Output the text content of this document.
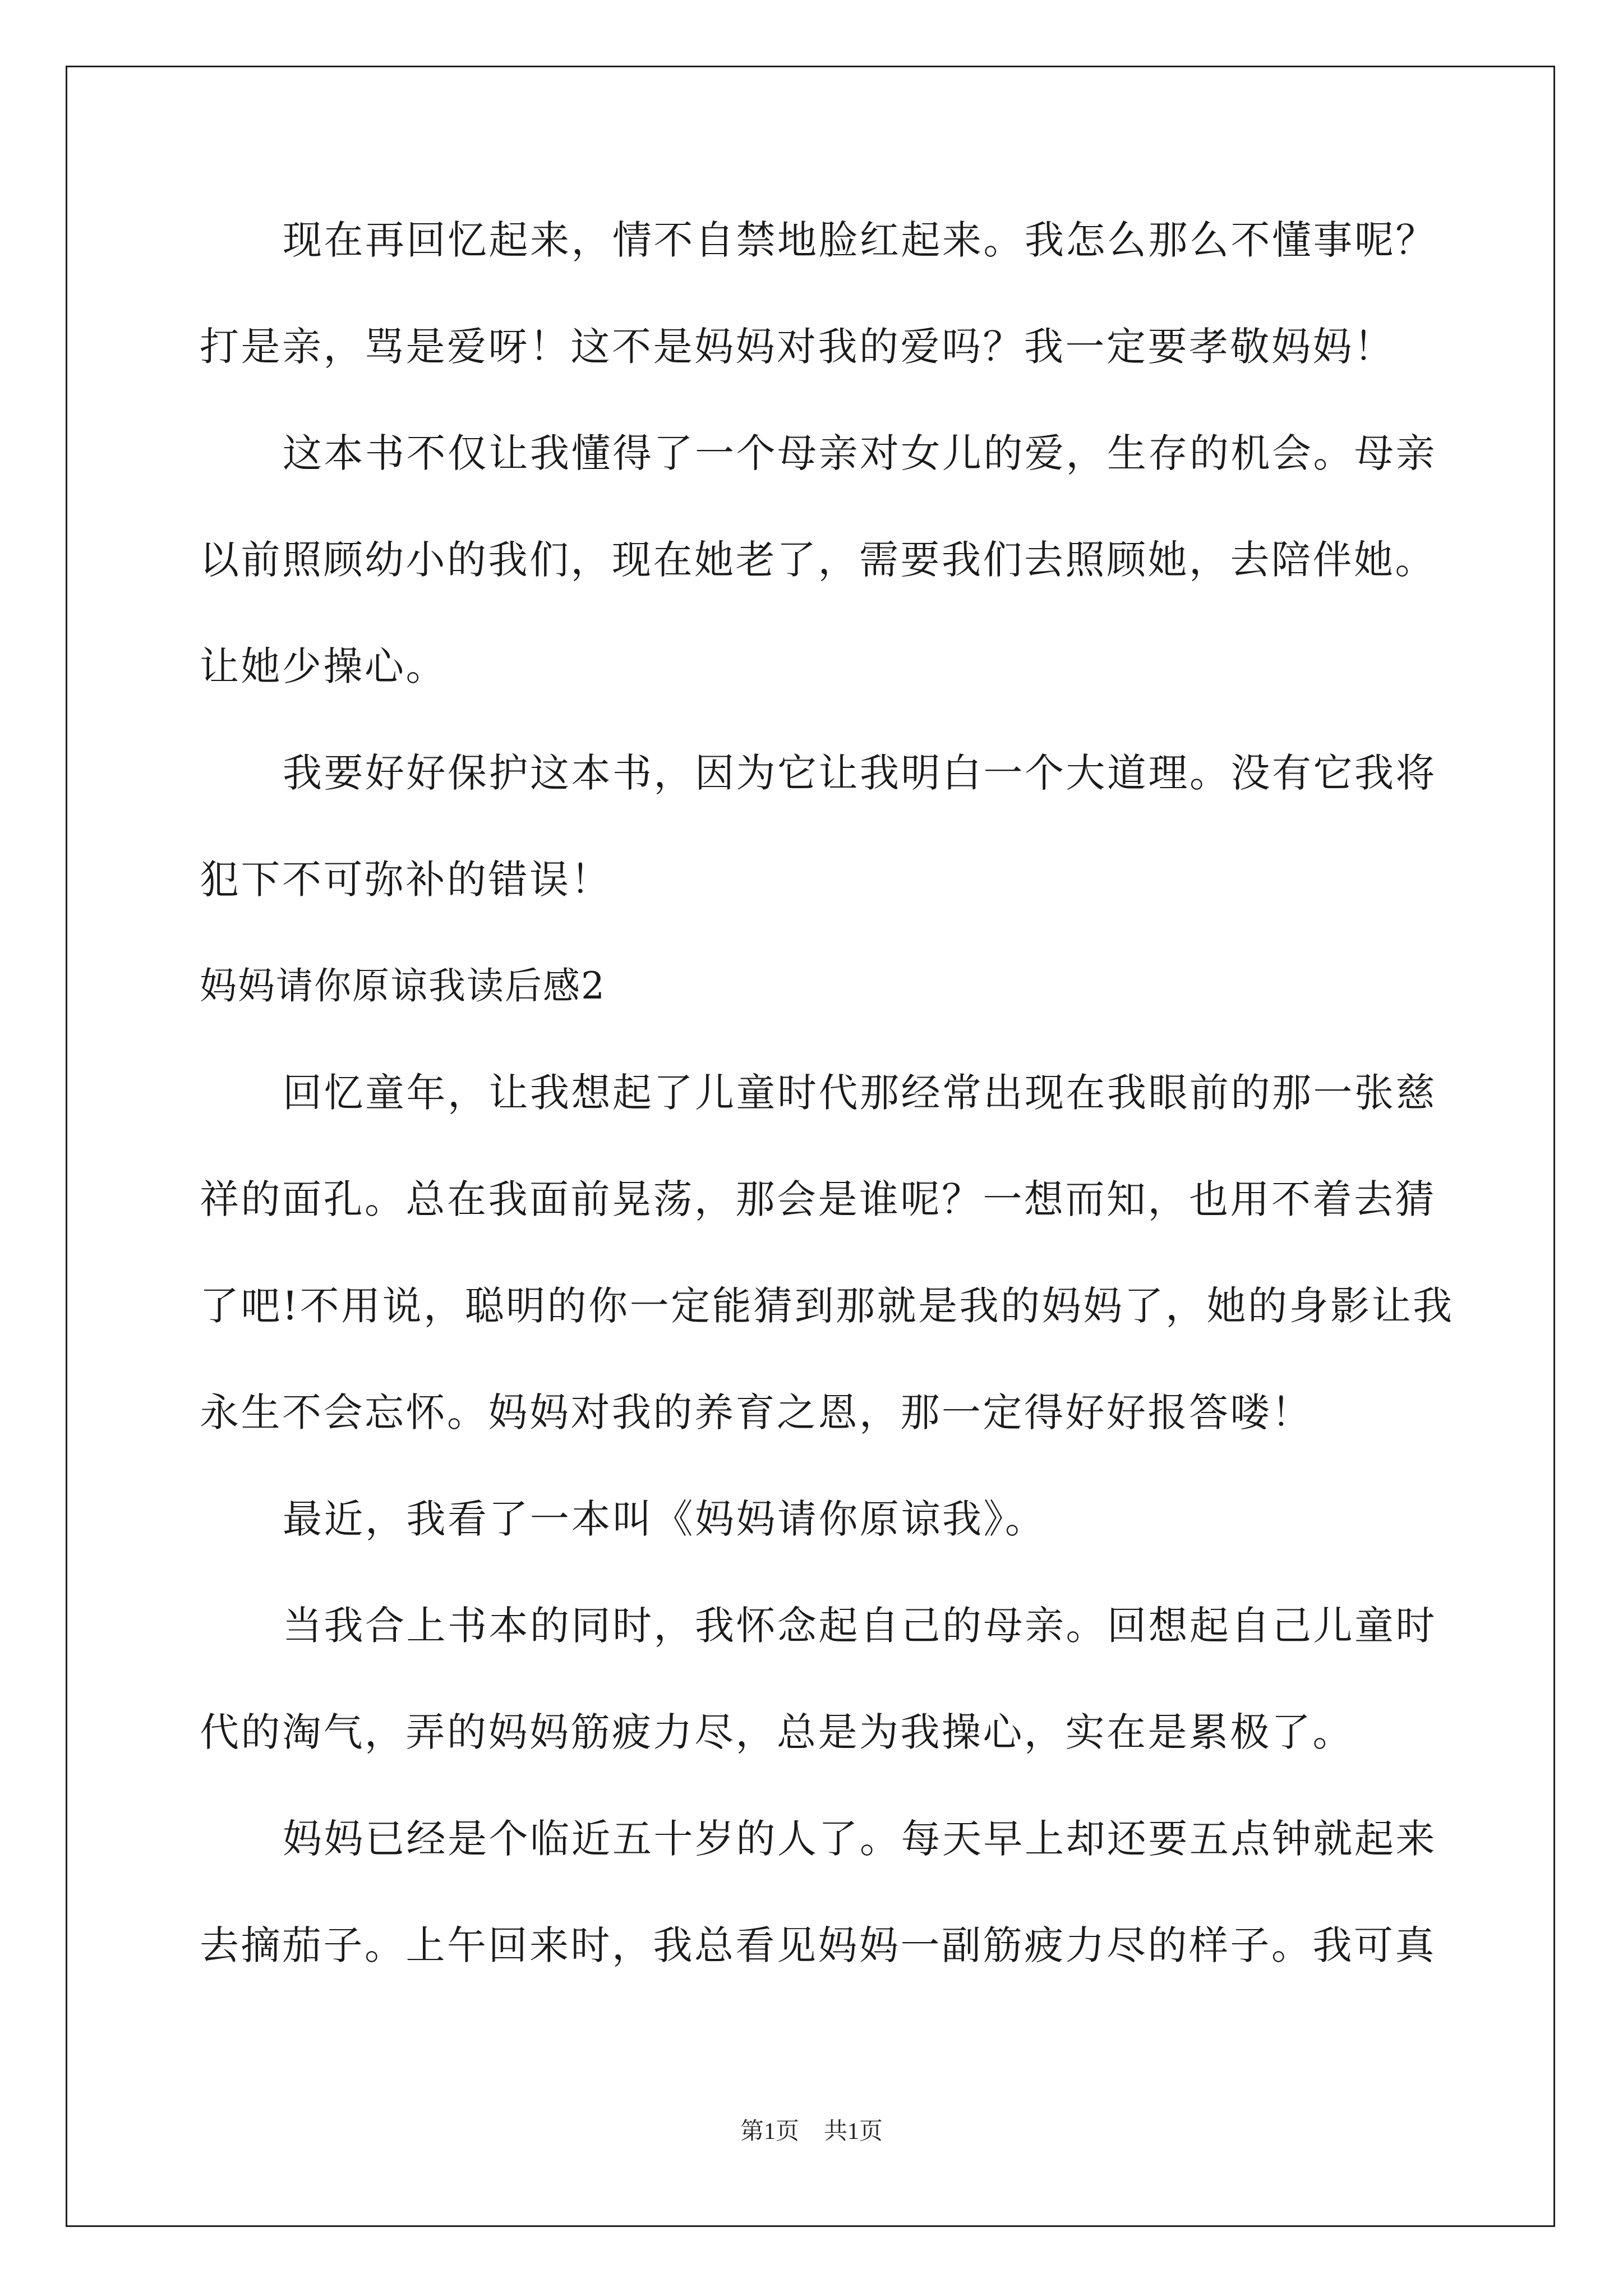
现在再回忆起来，情不自禁地脸红起来。我怎么那么不懂事呢？
打是亲，骂是爱呀！这不是妈妈对我的爱吗？我一定要孝敬妈妈！
这本书不仅让我懂得了一个母亲对女儿的爱，生存的机会。母亲
以前照顾幼小的我们，现在她老了，需要我们去照顾她，去陪伴她。
让她少操心。
我要好好保护这本书，因为它让我明白一个大道理。没有它我将
犯下不可弥补的错误！
妈妈请你原谅我读后感2
回忆童年，让我想起了儿童时代那经常出现在我眼前的那一张慈
祥的面孔。总在我面前晃荡，那会是谁呢？一想而知，也用不着去猜
了吧!不用说，聪明的你一定能猜到那就是我的妈妈了，她的身影让我
永生不会忘怀。妈妈对我的养育之恩，那一定得好好报答喽！
最近，我看了一本叫《妈妈请你原谅我》。
当我合上书本的同时，我怀念起自己的母亲。回想起自己儿童时
代的淘气，弄的妈妈筋疲力尽，总是为我操心，实在是累极了。
妈妈已经是个临近五十岁的人了。每天早上却还要五点钟就起来
去摘茄子。上午回来时，我总看见妈妈一副筋疲力尽的样子。我可真
第1页 共1页
